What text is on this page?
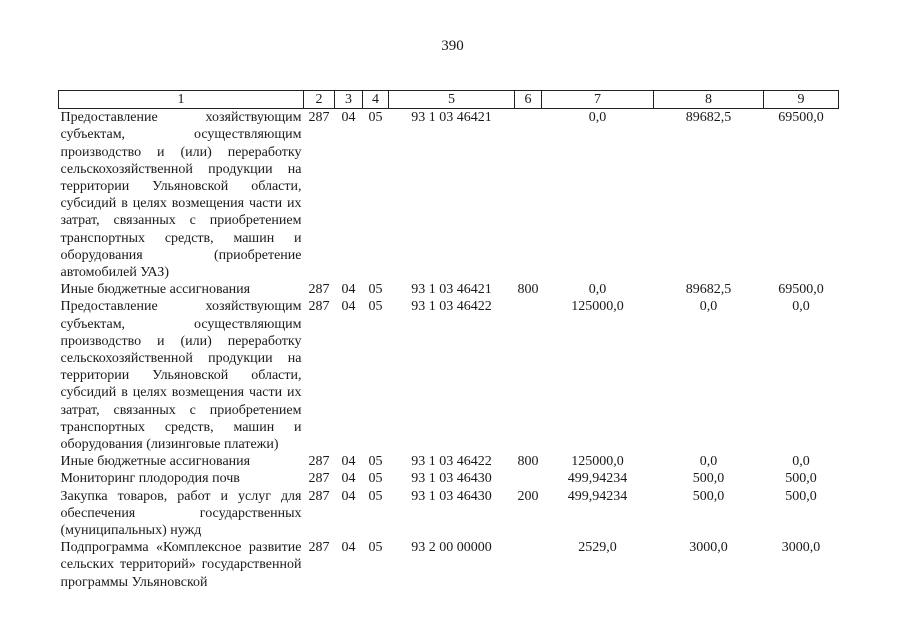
390
1	2	3	4	5	6	7	8	9
Предоставление хозяйствующим субъектам, осуществляющим производство и (или) переработку сельскохозяйственной продукции на территории Ульяновской области, субсидий в целях возмещения части их затрат, связанных с приобретением транспортных средств, машин и оборудования (приобретение автомобилей УАЗ)	287	04	05	93 1 03 46421		0,0	89682,5	69500,0
Иные бюджетные ассигнования	287	04	05	93 1 03 46421	800	0,0	89682,5	69500,0
Предоставление хозяйствующим субъектам, осуществляющим производство и (или) переработку сельскохозяйственной продукции на территории Ульяновской области, субсидий в целях возмещения части их затрат, связанных с приобретением транспортных средств, машин и оборудования (лизинговые платежи)	287	04	05	93 1 03 46422		125000,0	0,0	0,0
Иные бюджетные ассигнования	287	04	05	93 1 03 46422	800	125000,0	0,0	0,0
Мониторинг плодородия почв	287	04	05	93 1 03 46430		499,94234	500,0	500,0
Закупка товаров, работ и услуг для обеспечения государственных (муниципальных) нужд	287	04	05	93 1 03 46430	200	499,94234	500,0	500,0
Подпрограмма «Комплексное развитие сельских территорий» государственной программы Ульяновской	287	04	05	93 2 00 00000		2529,0	3000,0	3000,0
